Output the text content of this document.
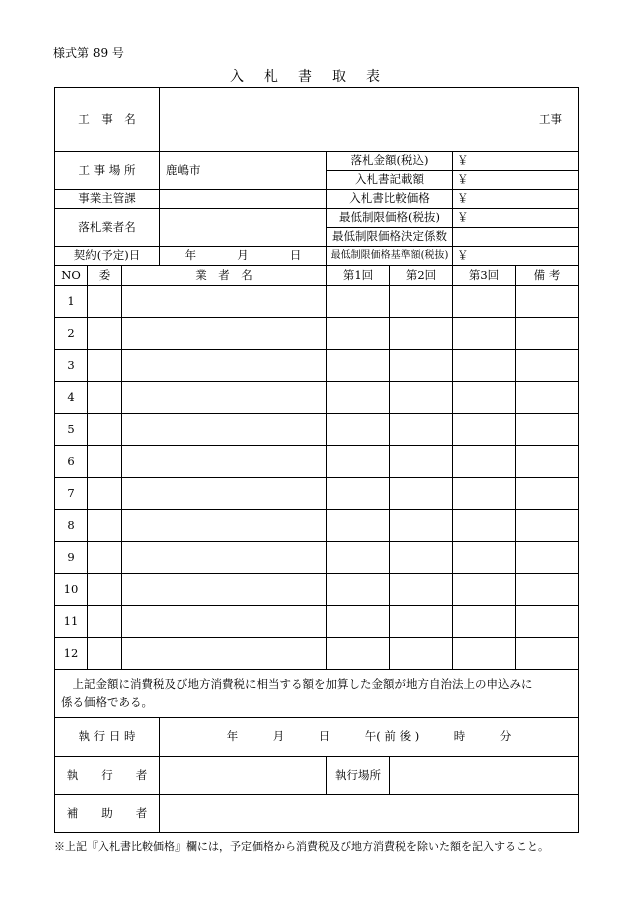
様式第 89 号
入札書取表
工　事　名			工事				
工 事 場 所			鹿嶋市	落札金額(税込)		￥	
				入札書記載額		￥	
事業主管課				入札書比較価格		￥	
落札業者名				最低制限価格(税抜)		￥	
				最低制限価格決定係数			
契約(予定)日			年 月 日	最低制限価格基準額(税抜)		￥	
NO	委	業　者　名		第1回	第2回	第3回	備 考
1							
2							
3							
4							
5							
6							
7							
8							
9							
10							
11							
12							

上記金額に消費税及び地方消費税に相当する額を加算した金額が地方自治法上の申込みに
係る価格である。							

執 行 日 時			年　　　月　　　日　　　午( 前 後 )　　　時　　　分				
執　　行　　者				執行場所			
補　　助　　者							
※上記『入札書比較価格』欄には，予定価格から消費税及び地方消費税を除いた額を記入すること。
